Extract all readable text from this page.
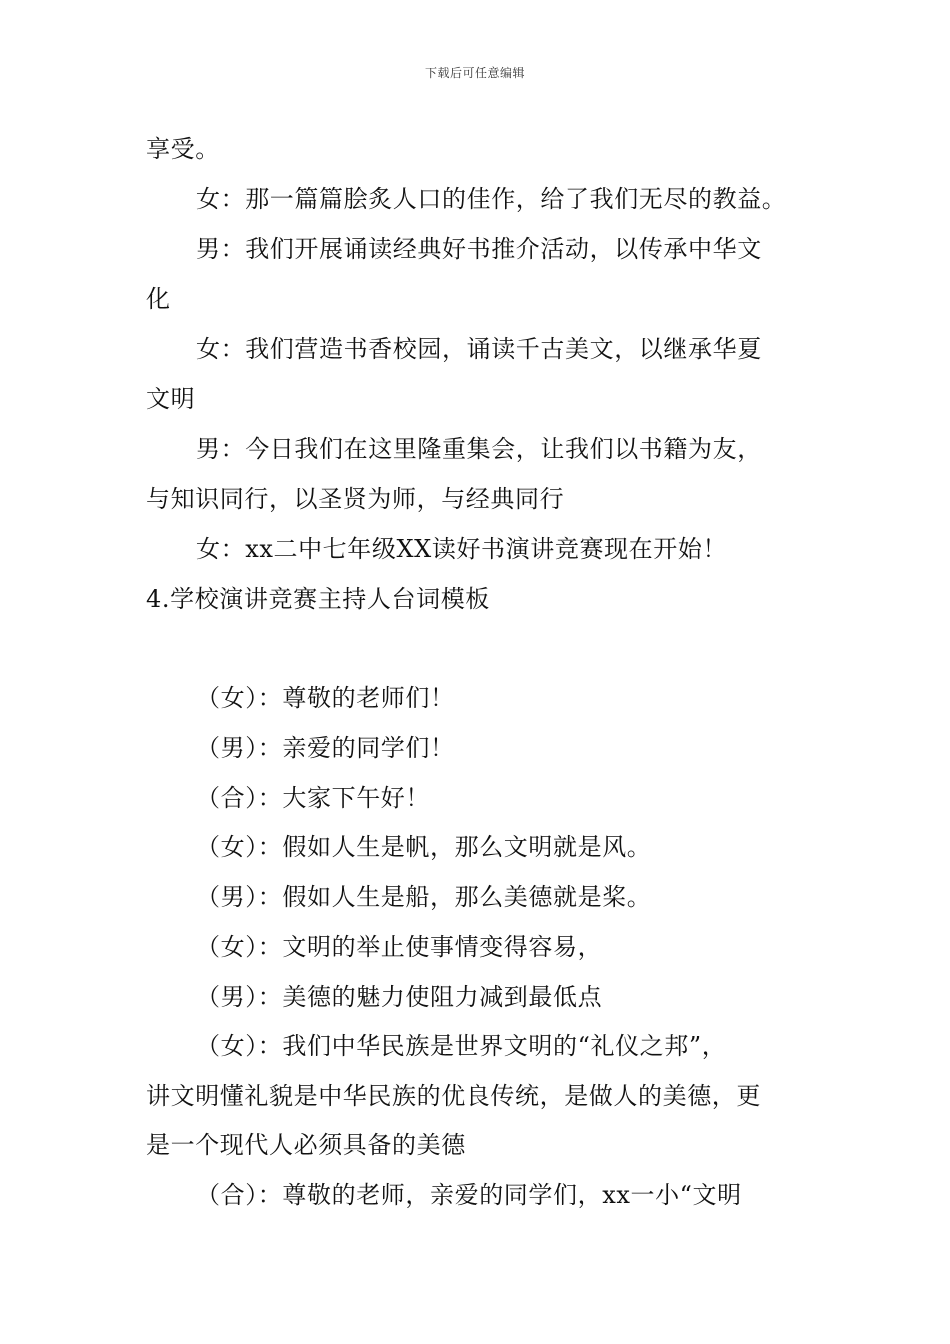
下载后可任意编辑
享受。
女：那一篇篇脍炙人口的佳作，给了我们无尽的教益。
男：我们开展诵读经典好书推介活动，以传承中华文
化
女：我们营造书香校园，诵读千古美文，以继承华夏
文明
男：今日我们在这里隆重集会，让我们以书籍为友，
与知识同行，以圣贤为师，与经典同行
女：xx二中七年级XX读好书演讲竞赛现在开始！
4.学校演讲竞赛主持人台词模板
（女）：尊敬的老师们！
（男）：亲爱的同学们！
（合）：大家下午好！
（女）：假如人生是帆，那么文明就是风。
（男）：假如人生是船，那么美德就是桨。
（女）：文明的举止使事情变得容易，
（男）：美德的魅力使阻力减到最低点
（女）：我们中华民族是世界文明的“礼仪之邦”，
讲文明懂礼貌是中华民族的优良传统，是做人的美德，更
是一个现代人必须具备的美德
（合）：尊敬的老师，亲爱的同学们，xx一小“文明
